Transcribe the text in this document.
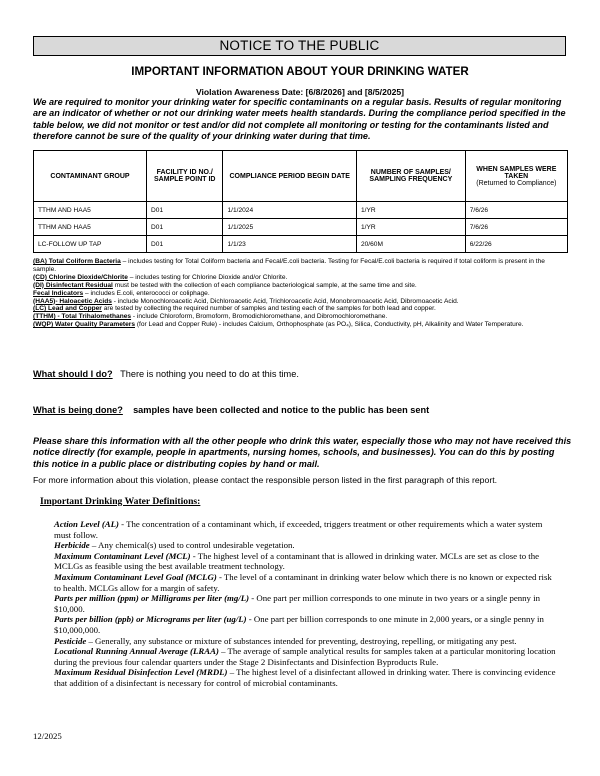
NOTICE TO THE PUBLIC
IMPORTANT INFORMATION ABOUT YOUR DRINKING WATER
Violation Awareness Date: [6/8/2026] and [8/5/2025]
We are required to monitor your drinking water for specific contaminants on a regular basis. Results of regular monitoring are an indicator of whether or not our drinking water meets health standards. During the compliance period specified in the table below, we did not monitor or test and/or did not complete all monitoring or testing for the contaminants listed and therefore cannot be sure of the quality of your drinking water during that time.
CONTAMINANT GROUP	FACILITY ID NO./ SAMPLE POINT ID	COMPLIANCE PERIOD BEGIN DATE	NUMBER OF SAMPLES/ SAMPLING FREQUENCY	WHEN SAMPLES WERE TAKEN
(Returned to Compliance)

TTHM AND HAA5	D01	1/1/2024	1/YR	7/6/26
TTHM AND HAA5	D01	1/1/2025	1/YR	7/6/26
LC-FOLLOW UP TAP	D01	1/1/23	20/60M	6/22/26
(BA) Total Coliform Bacteria – includes testing for Total Coliform bacteria and Fecal/E.coli bacteria. Testing for Fecal/E.coli bacteria is required if total coliform is present in the sample.
(CD) Chlorine Dioxide/Chlorite – includes testing for Chlorine Dioxide and/or Chlorite.
(DI) Disinfectant Residual must be tested with the collection of each compliance bacteriological sample, at the same time and site.
Fecal Indicators – includes E.coli, enterococci or coliphage.
(HAA5)- Haloacetic Acids - include Monochloroacetic Acid, Dichloroacetic Acid, Trichloroacetic Acid, Monobromoacetic Acid, Dibromoacetic Acid.
(LC) Lead and Copper are tested by collecting the required number of samples and testing each of the samples for both lead and copper.
(TTHM) - Total Trihalomethanes - include Chloroform, Bromoform, Bromodichloromethane, and Dibromochloromethane.
(WQP) Water Quality Parameters (for Lead and Copper Rule) - includes Calcium, Orthophosphate (as PO₄), Silica, Conductivity, pH, Alkalinity and Water Temperature.
What should I do? There is nothing you need to do at this time.
What is being done? samples have been collected and notice to the public has been sent
Please share this information with all the other people who drink this water, especially those who may not have received this notice directly (for example, people in apartments, nursing homes, schools, and businesses). You can do this by posting this notice in a public place or distributing copies by hand or mail.
For more information about this violation, please contact the responsible person listed in the first paragraph of this report.
Important Drinking Water Definitions:
Action Level (AL) - The concentration of a contaminant which, if exceeded, triggers treatment or other requirements which a water system must follow.
Herbicide – Any chemical(s) used to control undesirable vegetation.
Maximum Contaminant Level (MCL) - The highest level of a contaminant that is allowed in drinking water. MCLs are set as close to the MCLGs as feasible using the best available treatment technology.
Maximum Contaminant Level Goal (MCLG) - The level of a contaminant in drinking water below which there is no known or expected risk to health. MCLGs allow for a margin of safety.
Parts per million (ppm) or Milligrams per liter (mg/L) - One part per million corresponds to one minute in two years or a single penny in $10,000.
Parts per billion (ppb) or Micrograms per liter (ug/L) - One part per billion corresponds to one minute in 2,000 years, or a single penny in $10,000,000.
Pesticide – Generally, any substance or mixture of substances intended for preventing, destroying, repelling, or mitigating any pest.
Locational Running Annual Average (LRAA) – The average of sample analytical results for samples taken at a particular monitoring location during the previous four calendar quarters under the Stage 2 Disinfectants and Disinfection Byproducts Rule.
Maximum Residual Disinfection Level (MRDL) – The highest level of a disinfectant allowed in drinking water. There is convincing evidence that addition of a disinfectant is necessary for control of microbial contaminants.
12/2025
